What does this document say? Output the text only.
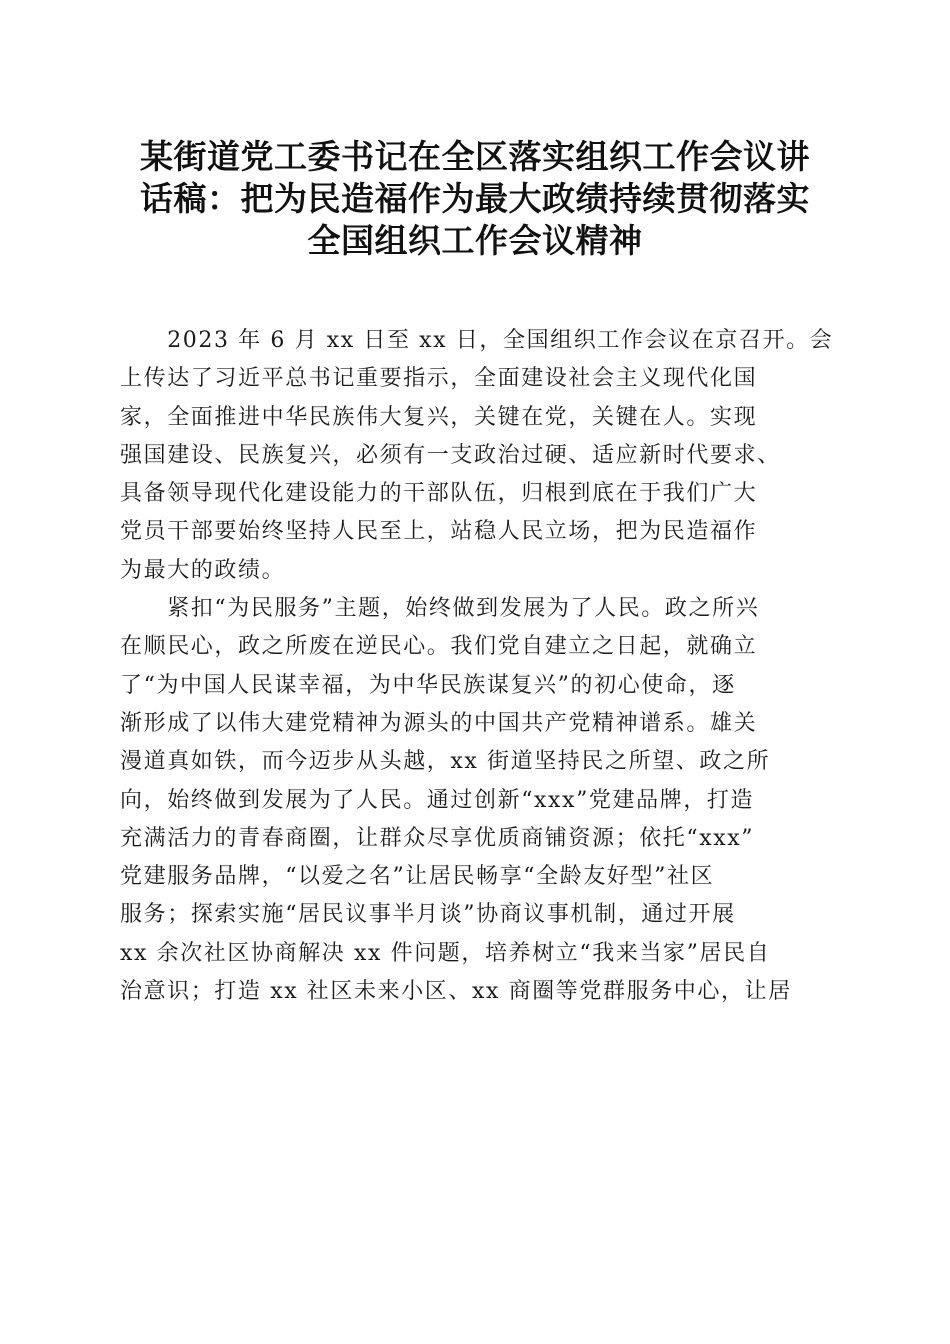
某街道党工委书记在全区落实组织工作会议讲
话稿：把为民造福作为最大政绩持续贯彻落实
全国组织工作会议精神

　　2023 年 6 月 xx 日至 xx 日，全国组织工作会议在京召开。会
上传达了习近平总书记重要指示，全面建设社会主义现代化国
家，全面推进中华民族伟大复兴，关键在党，关键在人。实现
强国建设、民族复兴，必须有一支政治过硬、适应新时代要求、
具备领导现代化建设能力的干部队伍，归根到底在于我们广大
党员干部要始终坚持人民至上，站稳人民立场，把为民造福作
为最大的政绩。

　　紧扣“为民服务”主题，始终做到发展为了人民。政之所兴
在顺民心，政之所废在逆民心。我们党自建立之日起，就确立
了“为中国人民谋幸福，为中华民族谋复兴”的初心使命，逐
渐形成了以伟大建党精神为源头的中国共产党精神谱系。雄关
漫道真如铁，而今迈步从头越，xx 街道坚持民之所望、政之所
向，始终做到发展为了人民。通过创新“xxx”党建品牌，打造
充满活力的青春商圈，让群众尽享优质商铺资源；依托“xxx”
党建服务品牌，“以爱之名”让居民畅享“全龄友好型”社区
服务；探索实施“居民议事半月谈”协商议事机制，通过开展
xx 余次社区协商解决 xx 件问题，培养树立“我来当家”居民自
治意识；打造 xx 社区未来小区、xx 商圈等党群服务中心，让居
